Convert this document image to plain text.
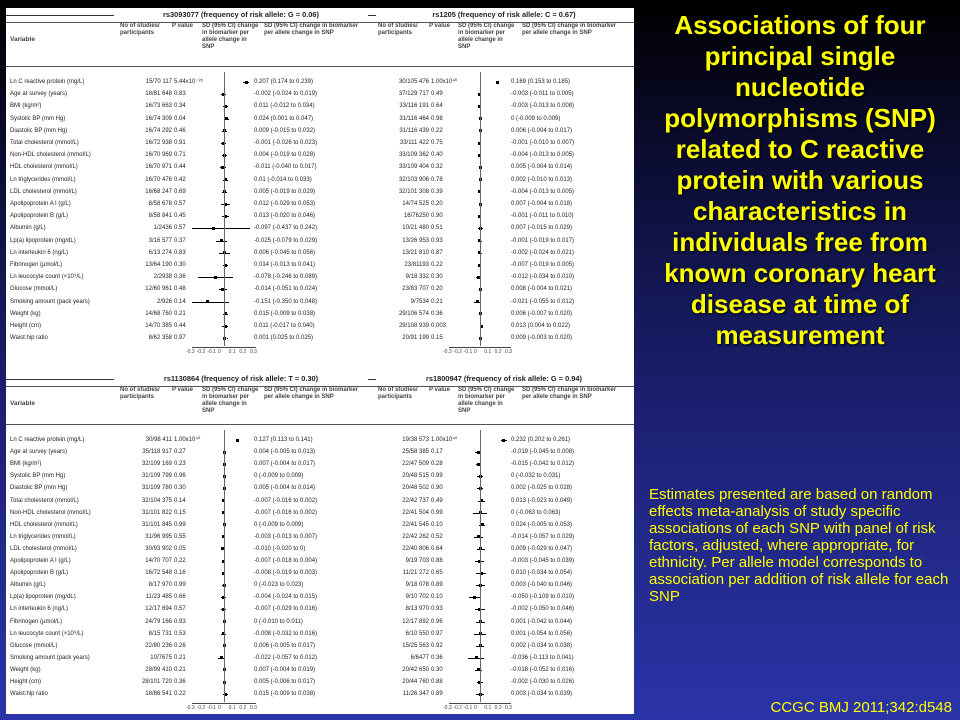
rs3093077 (frequency of risk allele: G = 0.06)	rs1205 (frequency of risk allele: C = 0.67)
Variable
No of studies/ participants
P value	SD (95% CI) change in biomarker per allele change in SNP
SD (95% CI) change in biomarker per allele change in SNP
No of studies/ participants
P value	SD (95% CI) change in biomarker per allele change in SNP
SD (95% CI) change in biomarker per allele change in SNP
Ln C reactive protein (mg/L)	15/70 117 5.44x10⁻³⁵	0.207 (0.174 to 0.239)	30/105 476 1.00x10⁴⁰	0.169 (0.153 to 0.185)
Age at survey (years)	18/81 648 0.83	-0.002 (-0.024 to 0.019)	37/129 717 0.49	-0.003 (-0.011 to 0.005)
BMI (kg/m²)	16/73 663 0.34	0.011 (-0.012 to 0.034)	33/116 191 0.64	-0.003 (-0.013 to 0.008)
Systolic BP (mm Hg)	16/74 309 0.04	0.024 (0.001 to 0.047)	31/116 464 0.98	0 (-0.009 to 0.009)
Diastolic BP (mm Hg)	16/74 292 0.46	0.009 (-0.015 to 0.032)	31/116 439 0.22	0.006 (-0.004 to 0.017)
Total cholesterol (mmol/L)	16/72 938 0.91	-0.001 (-0.026 to 0.023)	33/111 422 0.75	-0.001 (-0.010 to 0.007)
Non-HDL cholesterol (mmol/L)	16/70 969 0.71	0.004 (-0.019 to 0.028)	33/109 362 0.40	-0.004 (-0.013 to 0.005)
HDL cholesterol (mmol/L)	16/70 971 0.44	-0.011 (-0.040 to 0.017)	33/109 404 0.32	0.005 (-0.004 to 0.014)
Ln triglycerides (mmol/L)	16/70 476 0.42	0.01 (-0.014 to 0.033)	32/103 906 0.78	0.002 (-0.010 to 0.013)
LDL cholesterol (mmol/L)	16/68 247 0.69	0.005 (-0.019 to 0.029)	32/101 308 0.39	-0.004 (-0.013 to 0.005)
Apolipoprotein A I (g/L)	8/58 678 0.57	0.012 (-0.029 to 0.053)	14/74 525 0.20	0.007 (-0.004 to 0.018)
Apolipoprotein B (g/L)	8/58 841 0.45	0.013 (-0.020 to 0.046)	16/76250 0.90	-0.001 (-0.011 to 0.010)
Albumin (g/L)	1/2436 0.57	-0.097 (-0.437 to 0.242)	10/21 480 0.51	0.007 (-0.015 to 0.029)
Lp(a) lipoprotein (mg/dL)	3/16 577 0.37	-0.025 (-0.079 to 0.029)	13/26 953 0.93	-0.001 (-0.019 to 0.017)
Ln interleukin 6 (ng/L)	6/13 274 0.83	0.006 (-0.045 to 0.056)	13/21 810 0.87	-0.002 (-0.024 to 0.021)
Fibrinogen (µmol/L)	13/64 190 0.30	0.014 (-0.013 to 0.041)	23/81193 0.22	-0.007 (-0.019 to 0.005)
Ln leucocyte count (×10⁹/L)	2/2938 0.36	-0.078 (-0.246 to 0.089)	9/18 332 0.30	-0.012 (-0.034 to 0.010)
Glucose (mmol/L)	12/60 961 0.48	-0.014 (-0.051 to 0.024)	23/83 707 0.20	0.008 (-0.004 to 0.021)
Smoking amount (pack years)	2/926 0.14	-0.151 (-0.350 to 0.048)	9/7534 0.21	-0.021 (-0.055 to 0.012)
Weight (kg)	14/68 760 0.21	0.015 (-0.009 to 0.038)	29/106 574 0.36	0.006 (-0.007 to 0.020)
Height (cm)	14/70 385 0.44	0.011 (-0.017 to 0.040)	29/108 939 0.003	0.013 (0.004 to 0.022)
Waist:hip ratio	8/62 358 0.97	0.001 (0.025 to 0.025)	20/91 199 0.15	0.009 (-0.003 to 0.020)
-0.3 -0.2 -0.1 0 0.1 0.2 0.3	-0.3 -0.2 -0.1 0 0.1 0.2 0.3
rs1130864 (frequency of risk allele: T = 0.30)	rs1800947 (frequency of risk allele: G = 0.94)
Variable
No of studies/ participants
P value	SD (95% CI) change in biomarker per allele change in SNP
SD (95% CI) change in biomarker per allele change in SNP
No of studies/ participants
P value	SD (95% CI) change in biomarker per allele change in SNP
SD (95% CI) change in biomarker per allele change in SNP
Ln C reactive protein (mg/L)	30/98 411 1.00x10⁴⁰	0.127 (0.113 to 0.141)	19/38 573 1.00x10⁴⁰	0.232 (0.202 to 0.261)
Age at survey (years)	35/118 917 0.27	0.004 (-0.005 to 0.013)	25/58 385 0.17	-0.019 (-0.045 to 0.008)
BMI (kg/m²)	32/109 169 0.23	0.007 (-0.004 to 0.017)	22/47 509 0.28	-0.015 (-0.042 to 0.012)
Systolic BP (mm Hg)	31/109 799 0.96	0 (-0.009 to 0.009)	20/48 515 0.99	0 (-0.032 to 0.031)
Diastolic BP (mm Hg)	31/109 780 0.30	0.005 (-0.004 to 0.014)	20/48 502 0.90	0.002 (-0.025 to 0.028)
Total cholesterol (mmol/L)	32/104 375 0.14	-0.007 (-0.016 to 0.002)	22/42 737 0.49	0.013 (-0.023 to 0.049)
Non-HDL cholesterol (mmol/L)	31/101 822 0.15	-0.007 (-0.016 to 0.002)	22/41 504 0.99	0 (-0.063 to 0.063)
HDL cholesterol (mmol/L)	31/101 845 0.99	0 (-0.009 to 0.009)	22/41 545 0.10	0.024 (-0.005 to 0.053)
Ln triglycerides (mmol/L)	31/96 995 0.55	-0.003 (-0.013 to 0.007)	22/42 262 0.52	-0.014 (-0.057 to 0.029)
LDL cholesterol (mmol/L)	30/93 902 0.05	-0.010 (-0.020 to 0)	22/40 806 0.64	0.009 (-0.029 to 0.047)
Apolipoprotein A I (g/L)	14/70 707 0.22	-0.007 (-0.018 to 0.004)	9/19 703 0.88	-0.003 (-0.045 to 0.039)
Apolipoprotein B (g/L)	16/72 548 0.16	-0.008 (-0.019 to 0.003)	11/21 272 0.65	0.010 (-0.034 to 0.054)
Albumin (g/L)	8/17 970 0.99	0 (-0.023 to 0.023)	9/18 078 0.89	0.003 (-0.040 to 0.046)
Lp(a) lipoprotein (mg/dL)	11/23 485 0.66	-0.004 (-0.024 to 0.015)	9/10 702 0.10	-0.050 (-0.109 to 0.010)
Ln interleukin 6 (ng/L)	12/17 694 0.57	-0.007 (-0.029 to 0.016)	8/13 970 0.93	-0.002 (-0.050 to 0.046)
Fibrinogen (µmol/L)	24/79 166 0.93	0 (-0.010 to 0.011)	12/17 892 0.96	0.001 (-0.042 to 0.044)
Ln leucocyte count (×10⁹/L)	8/15 731 0.53	-0.008 (-0.032 to 0.016)	6/10 550 0.97	0.001 (-0.054 to 0.056)
Glucose (mmol/L)	22/80 236 0.26	0.006 (-0.005 to 0.017)	15/25 563 0.92	0.002 (-0.034 to 0.038)
Smoking amount (pack years)	10/7675 0.21	-0.022 (-0.057 to 0.012)	6/6477 0.36	-0.036 (-0.113 to 0.041)
Weight (kg)	28/99 410 0.21	0.007 (-0.004 to 0.019)	20/42 650 0.30	-0.018 (-0.052 to 0.016)
Height (cm)	28/101 720 0.36	0.005 (-0.006 to 0.017)	20/44 760 0.88	-0.002 (-0.030 to 0.026)
Waist:hip ratio	18/86 541 0.22	0.015 (-0.009 to 0.038)	11/26 347 0.89	0.003 (-0.034 to 0.039)
-0.3 -0.2 -0.1 0 0.1 0.2 0.3	-0.3 -0.2 -0.1 0 0.1 0.2 0.3
Associations of four principal single nucleotide polymorphisms (SNP) related to C reactive protein with various characteristics in individuals free from known coronary heart disease at time of measurement
Estimates presented are based on random effects meta-analysis of study specific associations of each SNP with panel of risk factors, adjusted, where appropriate, for ethnicity. Per allele model corresponds to association per addition of risk allele for each SNP
CCGC BMJ 2011;342:d548
